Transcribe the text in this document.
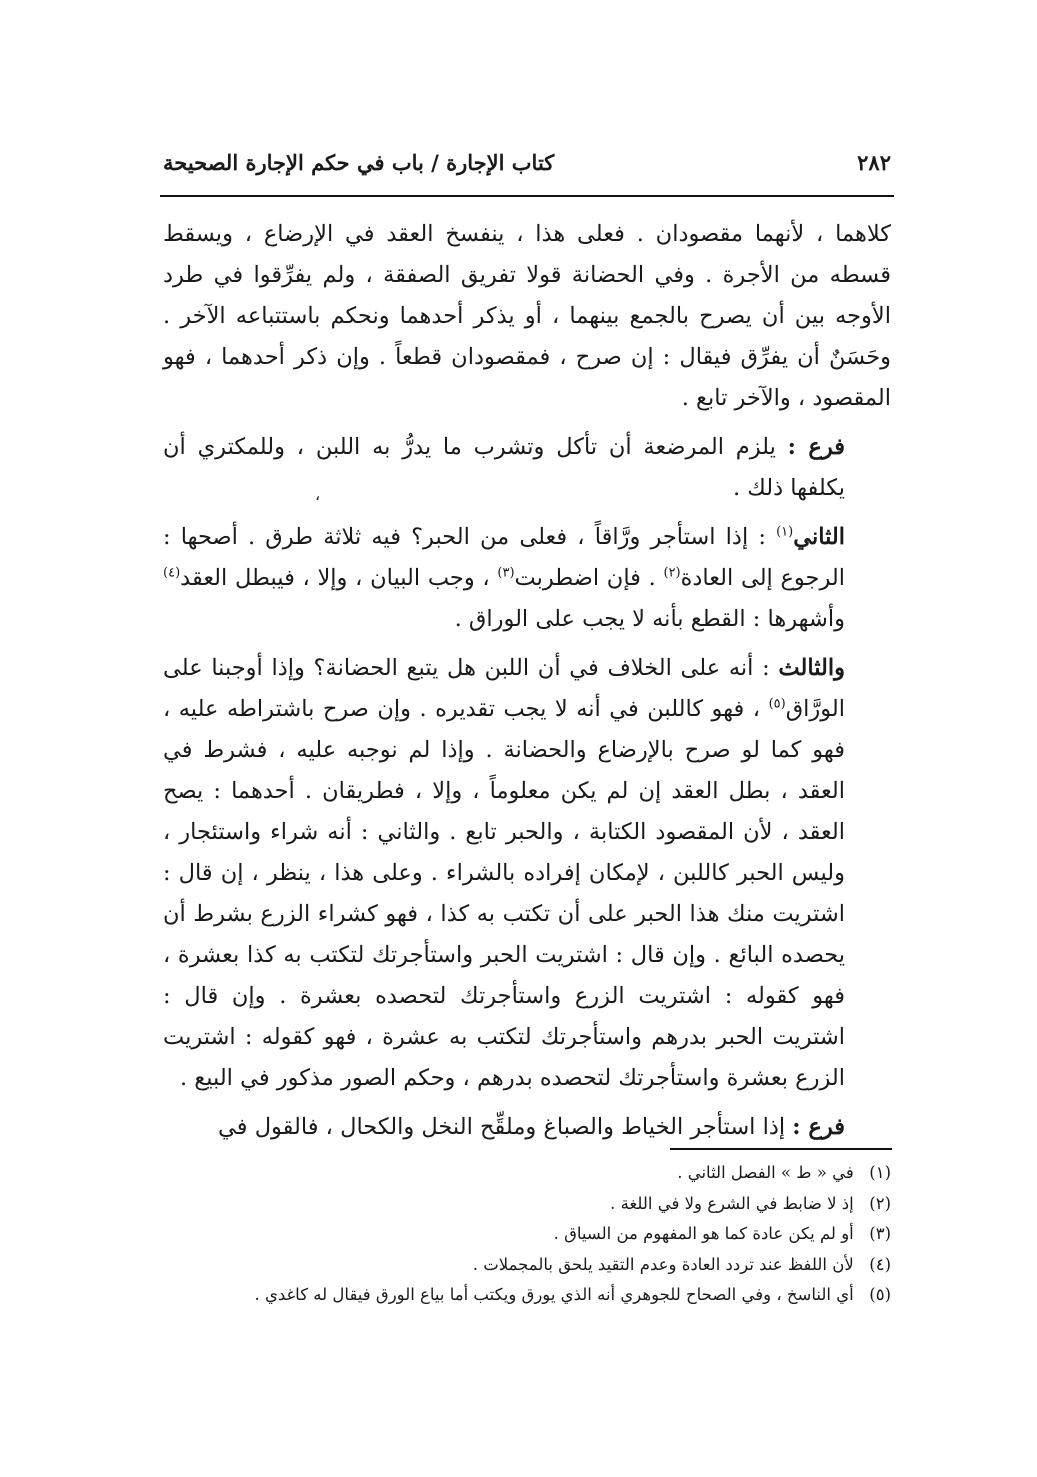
٢٨٢
كتاب الإجارة / باب في حكم الإجارة الصحيحة

كلاهما ، لأنهما مقصودان . فعلى هذا ، ينفسخ العقد في الإرضاع ، ويسقط قسطه من الأجرة . وفي الحضانة قولا تفريق الصفقة ، ولم يفرِّقوا في طرد الأوجه بين أن يصرح بالجمع بينهما ، أو يذكر أحدهما ونحكم باستتباعه الآخر . وحَسَنٌ أن يفرِّق فيقال : إن صرح ، فمقصودان قطعاً . وإن ذكر أحدهما ، فهو المقصود ، والآخر تابع .

فرع : يلزم المرضعة أن تأكل وتشرب ما يدرُّ به اللبن ، وللمكتري أن يكلفها ذلك .

الثاني$^{(١)}$ : إذا استأجر ورَّاقاً ، فعلى من الحبر؟ فيه ثلاثة طرق . أصحها : الرجوع إلى العادة$^{(٢)}$ . فإن اضطربت$^{(٣)}$ ، وجب البيان ، وإلا ، فيبطل العقد$^{(٤)}$ وأشهرها : القطع بأنه لا يجب على الوراق .

والثالث : أنه على الخلاف في أن اللبن هل يتبع الحضانة؟ وإذا أوجبنا على الورَّاق$^{(٥)}$ ، فهو كاللبن في أنه لا يجب تقديره . وإن صرح باشتراطه عليه ، فهو كما لو صرح بالإرضاع والحضانة . وإذا لم نوجبه عليه ، فشرط في العقد ، بطل العقد إن لم يكن معلوماً ، وإلا ، فطريقان . أحدهما : يصح العقد ، لأن المقصود الكتابة ، والحبر تابع . والثاني : أنه شراء واستئجار ، وليس الحبر كاللبن ، لإمكان إفراده بالشراء . وعلى هذا ، ينظر ، إن قال : اشتريت منك هذا الحبر على أن تكتب به كذا ، فهو كشراء الزرع بشرط أن يحصده البائع . وإن قال : اشتريت الحبر واستأجرتك لتكتب به كذا بعشرة ، فهو كقوله : اشتريت الزرع واستأجرتك لتحصده بعشرة . وإن قال : اشتريت الحبر بدرهم واستأجرتك لتكتب به عشرة ، فهو كقوله : اشتريت الزرع بعشرة واستأجرتك لتحصده بدرهم ، وحكم الصور مذكور في البيع .

فرع : إذا استأجر الخياط والصباغ وملقِّح النخل والكحال ، فالقول في

،
(١) في « ط » الفصل الثاني .
(٢) إذ لا ضابط في الشرع ولا في اللغة .
(٣) أو لم يكن عادة كما هو المفهوم من السياق .
(٤) لأن اللفظ عند تردد العادة وعدم التقيد يلحق بالمجملات .
(٥) أي الناسخ ، وفي الصحاح للجوهري أنه الذي يورق ويكتب أما بياع الورق فيقال له كاغدي .
